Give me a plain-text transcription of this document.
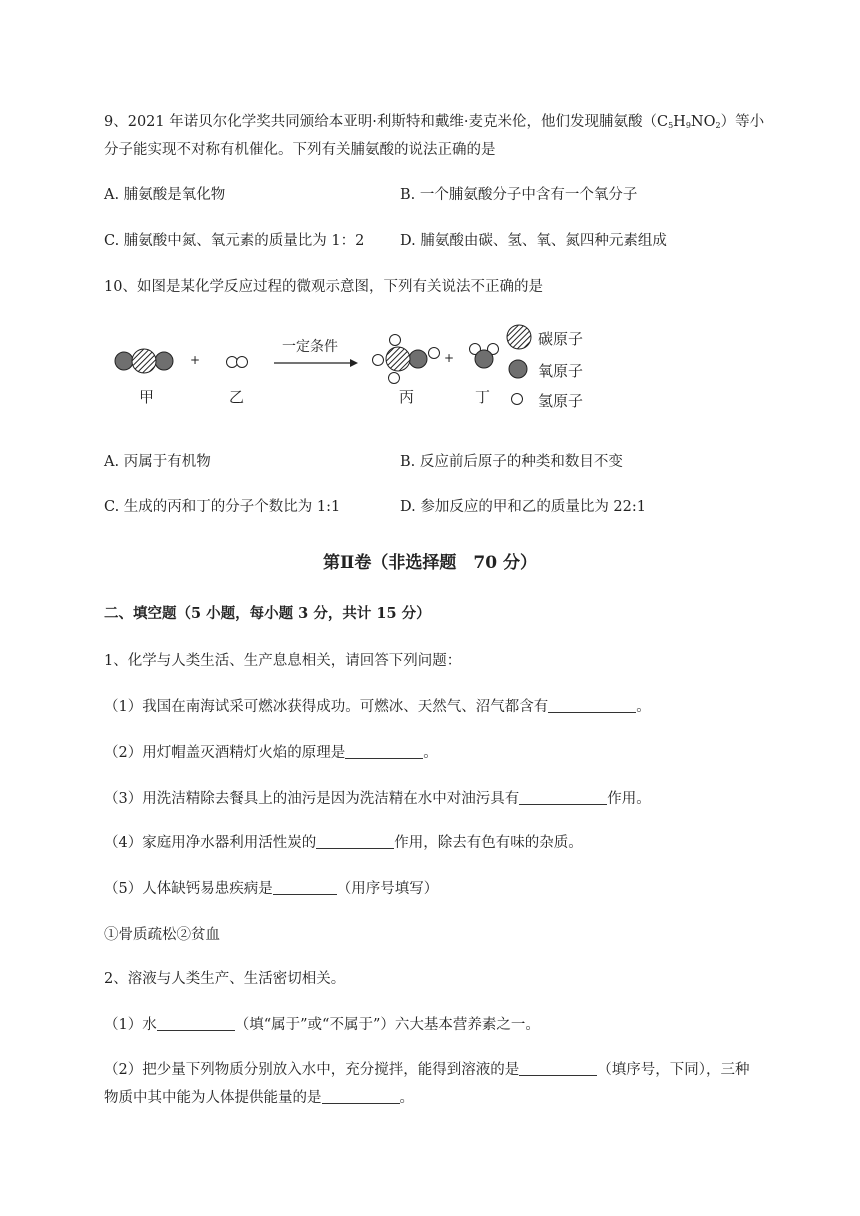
9、2021 年诺贝尔化学奖共同颁给本亚明·利斯特和戴维·麦克米伦，他们发现脯氨酸$(C_5H_9NO_2)$等小
分子能实现不对称有机催化。下列有关脯氨酸的说法正确的是
A. 脯氨酸是氧化物	B. 一个脯氨酸分子中含有一个氧分子
C. 脯氨酸中氮、氧元素的质量比为 1：2 D. 脯氨酸由碳、氢、氧、氮四种元素组成
10、如图是某化学反应过程的微观示意图，下列有关说法不正确的是
一定条件
+	+
甲	乙	丙	丁
碳原子
氧原子
氢原子
A. 丙属于有机物	B. 反应前后原子的种类和数目不变
C. 生成的丙和丁的分子个数比为 1:1	D. 参加反应的甲和乙的质量比为 22:1
第Ⅱ卷（非选择题　70 分）
二、填空题（5 小题，每小题 3 分，共计 15 分）
1、化学与人类生活、生产息息相关，请回答下列问题：
（1）我国在南海试采可燃冰获得成功。可燃冰、天然气、沼气都含有	。
（2）用灯帽盖灭酒精灯火焰的原理是	。
（3）用洗洁精除去餐具上的油污是因为洗洁精在水中对油污具有	作用。
（4）家庭用净水器利用活性炭的	作用，除去有色有味的杂质。
（5）人体缺钙易患疾病是	（用序号填写）
①骨质疏松②贫血
2、溶液与人类生产、生活密切相关。
（1）水	（填“属于”或“不属于”）六大基本营养素之一。
（2）把少量下列物质分别放入水中，充分搅拌，能得到溶液的是	（填序号，下同），三种
物质中其中能为人体提供能量的是	。
